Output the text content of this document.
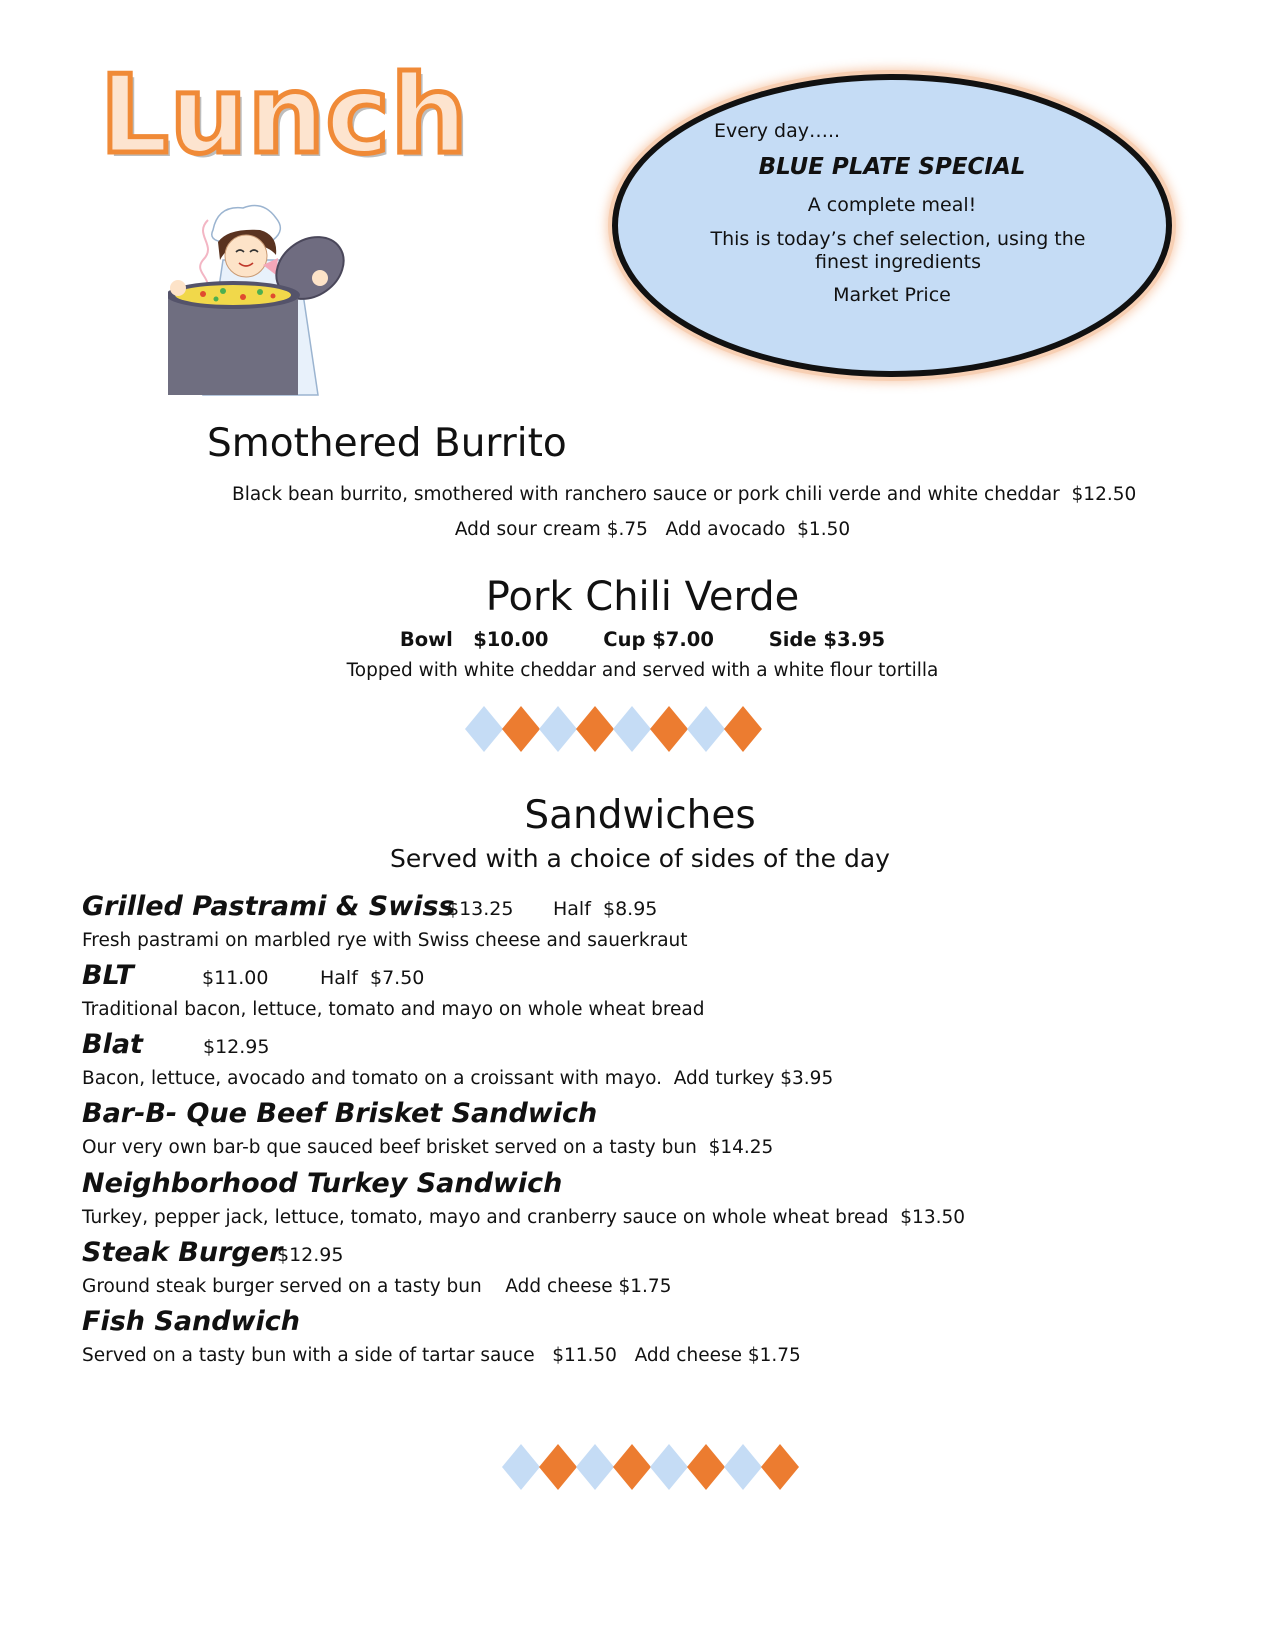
Lunch	Every day…..
BLUE PLATE SPECIAL
A complete meal!
This is today’s chef selection, using the finest ingredients
Market Price
Smothered Burrito
Black bean burrito, smothered with ranchero sauce or pork chili verde and white cheddar  $12.50
Add sour cream $.75   Add avocado  $1.50
Pork Chili Verde
Bowl   $10.00	Cup $7.00	Side $3.95
Topped with white cheddar and served with a white flour tortilla
Sandwiches
Served with a choice of sides of the day
Grilled Pastrami & Swiss
$13.25 Half  $8.95
Fresh pastrami on marbled rye with Swiss cheese and sauerkraut
BLT	$11.00	Half  $7.50
Traditional bacon, lettuce, tomato and mayo on whole wheat bread
Blat	$12.95
Bacon, lettuce, avocado and tomato on a croissant with mayo.  Add turkey $3.95
Bar-B- Que Beef Brisket Sandwich
Our very own bar-b que sauced beef brisket served on a tasty bun  $14.25
Neighborhood Turkey Sandwich
Turkey, pepper jack, lettuce, tomato, mayo and cranberry sauce on whole wheat bread  $13.50
Steak Burger
$12.95
Ground steak burger served on a tasty bun    Add cheese $1.75
Fish Sandwich
Served on a tasty bun with a side of tartar sauce   $11.50   Add cheese $1.75
